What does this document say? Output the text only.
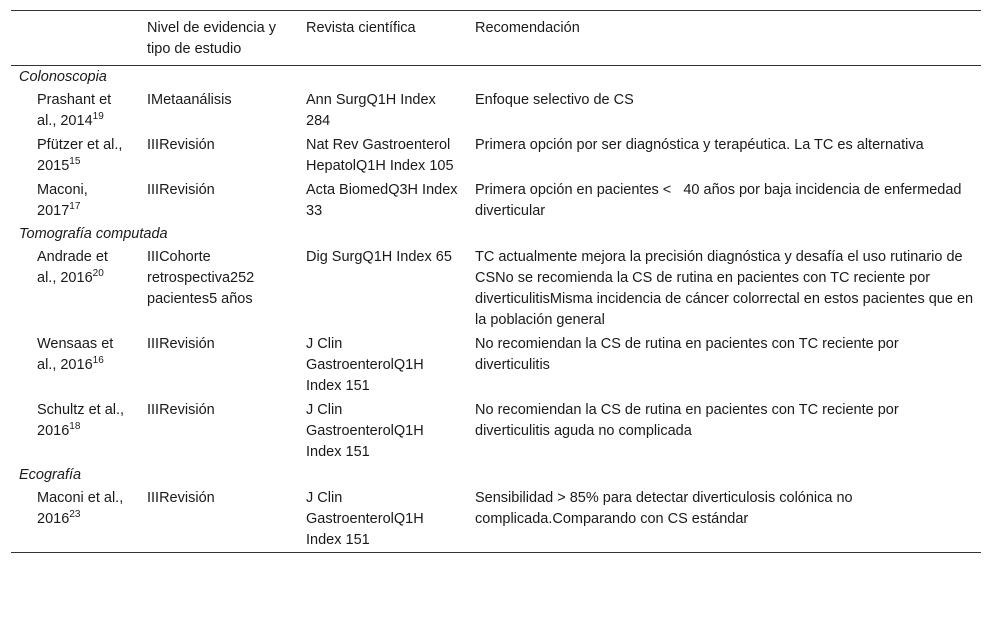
	Nivel de evidencia y tipo de estudio	Revista científica	Recomendación
Colonoscopia			
Prashant et al., 2014$^{19}$	IMetaanálisis	Ann SurgQ1H Index 284	Enfoque selectivo de CS
Pfützer et al., 2015$^{15}$	IIIRevisión	Nat Rev Gastroenterol HepatolQ1H Index 105	Primera opción por ser diagnóstica y terapéutica. La TC es alternativa
Maconi, 2017$^{17}$	IIIRevisión	Acta BiomedQ3H Index 33	Primera opción en pacientes <   40 años por baja incidencia de enfermedad diverticular
Tomografía computada			
Andrade et al., 2016$^{20}$	IIICohorte retrospectiva252 pacientes5 años	Dig SurgQ1H Index 65	TC actualmente mejora la precisión diagnóstica y desafía el uso rutinario de CSNo se recomienda la CS de rutina en pacientes con TC reciente por diverticulitisMisma incidencia de cáncer colorrectal en estos pacientes que en la población general
Wensaas et al., 2016$^{16}$	IIIRevisión	J Clin GastroenterolQ1H Index 151	No recomiendan la CS de rutina en pacientes con TC reciente por diverticulitis
Schultz et al., 2016$^{18}$	IIIRevisión	J Clin GastroenterolQ1H Index 151	No recomiendan la CS de rutina en pacientes con TC reciente por diverticulitis aguda no complicada
Ecografía			
Maconi et al., 2016$^{23}$	IIIRevisión	J Clin GastroenterolQ1H Index 151	Sensibilidad > 85% para detectar diverticulosis colónica no complicada.Comparando con CS estándar
